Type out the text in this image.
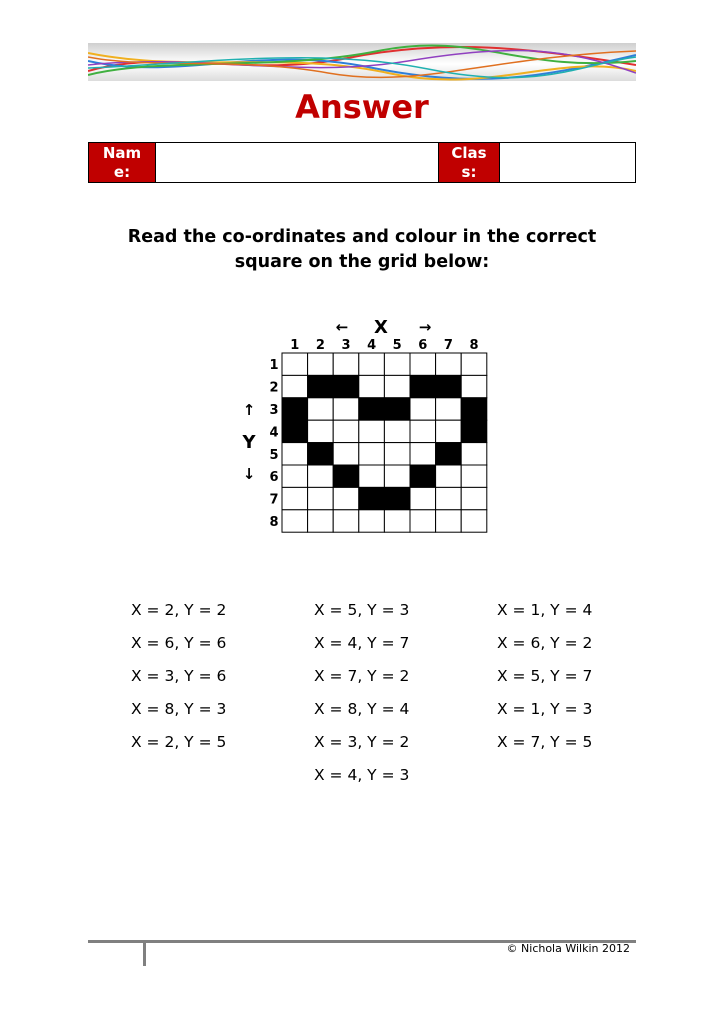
Answer
Name:
Class:
Read the co-ordinates and colour in the correct square on the grid below:
1 2 3 4 5 6 7 8
1
2
3
4
5
6
7
8
X
←	→
Y
↑
↓
X = 2, Y = 2
X = 6, Y = 6
X = 3, Y = 6
X = 8, Y = 3
X = 2, Y = 5
X = 5, Y = 3
X = 4, Y = 7
X = 7, Y = 2
X = 8, Y = 4
X = 3, Y = 2
X = 4, Y = 3
X = 1, Y = 4
X = 6, Y = 2
X = 5, Y = 7
X = 1, Y = 3
X = 7, Y = 5
© Nichola Wilkin 2012
